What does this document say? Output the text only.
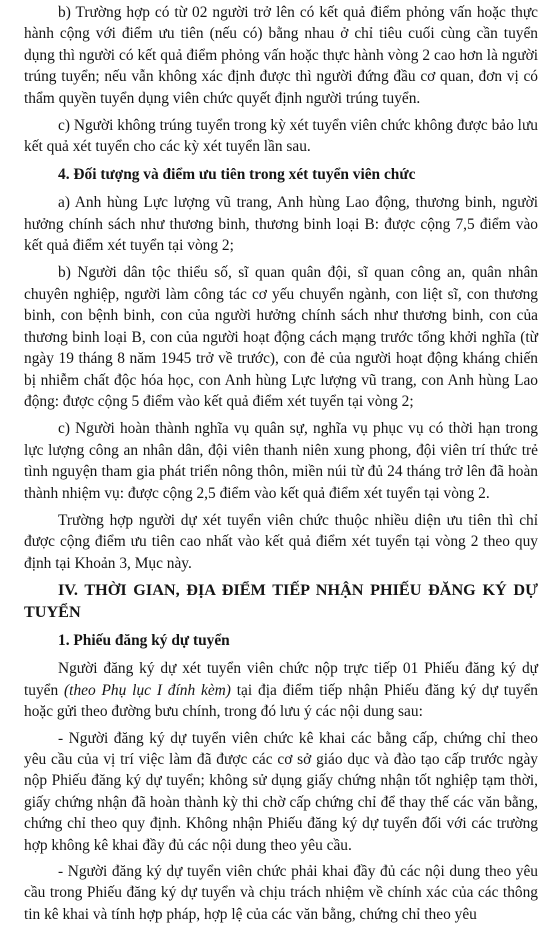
b) Trường hợp có từ 02 người trở lên có kết quả điểm phỏng vấn hoặc thực hành cộng với điểm ưu tiên (nếu có) bằng nhau ở chỉ tiêu cuối cùng cần tuyển dụng thì người có kết quả điểm phỏng vấn hoặc thực hành vòng 2 cao hơn là người trúng tuyển; nếu vẫn không xác định được thì người đứng đầu cơ quan, đơn vị có thẩm quyền tuyển dụng viên chức quyết định người trúng tuyển.

c) Người không trúng tuyển trong kỳ xét tuyển viên chức không được bảo lưu kết quả xét tuyển cho các kỳ xét tuyển lần sau.

4. Đối tượng và điểm ưu tiên trong xét tuyển viên chức

a) Anh hùng Lực lượng vũ trang, Anh hùng Lao động, thương binh, người hưởng chính sách như thương binh, thương binh loại B: được cộng 7,5 điểm vào kết quả điểm xét tuyển tại vòng 2;

b) Người dân tộc thiểu số, sĩ quan quân đội, sĩ quan công an, quân nhân chuyên nghiệp, người làm công tác cơ yếu chuyển ngành, con liệt sĩ, con thương binh, con bệnh binh, con của người hưởng chính sách như thương binh, con của thương binh loại B, con của người hoạt động cách mạng trước tổng khởi nghĩa (từ ngày 19 tháng 8 năm 1945 trở về trước), con đẻ của người hoạt động kháng chiến bị nhiễm chất độc hóa học, con Anh hùng Lực lượng vũ trang, con Anh hùng Lao động: được cộng 5 điểm vào kết quả điểm xét tuyển tại vòng 2;

c) Người hoàn thành nghĩa vụ quân sự, nghĩa vụ phục vụ có thời hạn trong lực lượng công an nhân dân, đội viên thanh niên xung phong, đội viên trí thức trẻ tình nguyện tham gia phát triển nông thôn, miền núi từ đủ 24 tháng trở lên đã hoàn thành nhiệm vụ: được cộng 2,5 điểm vào kết quả điểm xét tuyển tại vòng 2.

Trường hợp người dự xét tuyển viên chức thuộc nhiều diện ưu tiên thì chỉ được cộng điểm ưu tiên cao nhất vào kết quả điểm xét tuyển tại vòng 2 theo quy định tại Khoản 3, Mục này.

IV. THỜI GIAN, ĐỊA ĐIỂM TIẾP NHẬN PHIẾU ĐĂNG KÝ DỰ TUYỂN

1. Phiếu đăng ký dự tuyển

Người đăng ký dự xét tuyển viên chức nộp trực tiếp 01 Phiếu đăng ký dự tuyển (theo Phụ lục I đính kèm) tại địa điểm tiếp nhận Phiếu đăng ký dự tuyển hoặc gửi theo đường bưu chính, trong đó lưu ý các nội dung sau:

- Người đăng ký dự tuyển viên chức kê khai các bằng cấp, chứng chỉ theo yêu cầu của vị trí việc làm đã được các cơ sở giáo dục và đào tạo cấp trước ngày nộp Phiếu đăng ký dự tuyển; không sử dụng giấy chứng nhận tốt nghiệp tạm thời, giấy chứng nhận đã hoàn thành kỳ thi chờ cấp chứng chỉ để thay thế các văn bằng, chứng chỉ theo quy định. Không nhận Phiếu đăng ký dự tuyển đối với các trường hợp không kê khai đầy đủ các nội dung theo yêu cầu.

- Người đăng ký dự tuyển viên chức phải khai đầy đủ các nội dung theo yêu cầu trong Phiếu đăng ký dự tuyển và chịu trách nhiệm về chính xác của các thông tin kê khai và tính hợp pháp, hợp lệ của các văn bằng, chứng chỉ theo yêu
